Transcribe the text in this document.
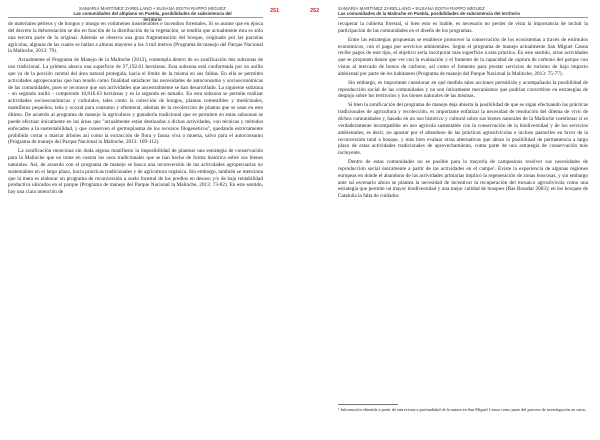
SAMARIA MARTÍNEZ ZARELLANO • SUSANA EDITH RAPPO MÍGUEZ
Las comunidades del altiplano en Puebla, posibilidades de subsistencia del territorio
251

de materiales pétreos y de hongos y musgo en volúmenes insostenibles e incendios forestales. Si se asume que en época del decreto la deforestación se dio en función de la distribución de la vegetación, se tendría que actualmente ésta es sólo una tercera parte de la original. Además se observa una gran fragmentación del bosque, originado por las parcelas agrícolas, algunas de las cuales se hallan a alturas mayores a los 3 mil metros (Programa de manejo del Parque Nacional la Malinche, 2013: 79).

Actualmente el Programa de Manejo de la Malinche (2013), contempla dentro de su zonificación dos subzonas de uso tradicional. La primera abarca una superficie de 27,192.61 hectáreas. Esta subzona está conformada por un anillo que va de la porción central del área natural protegida, hacia el límite de la misma en sus faldas. En ella se permiten actividades agropecuarias que han tenido como finalidad satisfacer las necesidades de autoconsumo y socioeconómicas de las comunidades, pues se reconoce que son actividades que ancestralmente se han desarrollado. La siguiente subzona - un segundo anillo - comprende 10,816.63 hectáreas y es la segunda en tamaño. En esta subzona se permite realizar actividades socioeconómicas y culturales, tales como la colección de hongos, plantas comestibles y medicinales, mamíferos pequeños, leña y ocoxal para consumo y eftemeral, además de la recolección de plantas que se usan en este último. De acuerdo al programa de manejo la agricultura y ganadería tradicional que se permiten en estas subzonas se puede efectuar únicamente en las áreas que "actualmente están destinadas a dichas actividades, con técnicas y métodos enfocados a la sustentabilidad, y que conserven el germoplasma de los recursos filogenéticos", quedando estrictamente prohibido cortar o marcar árboles así como la extracción de flora y fauna viva o muerta, salvo para el autoconsumo (Programa de manejo del Parque Nacional la Malinche, 2013: 109-112).

La zonificación menciona sin duda alguna manifiesto la imposibilidad de plantear una estrategia de conservación para la Malinche que no tome en cuenta los usos tradicionales que se han hecho de forma histórica sobre sus bienes naturales. Así, de acuerdo con el programa de manejo se busca una reconversión de las actividades agropecuarias no sustentables en el largo plazo, hacia prácticas tradicionales y de agricultura orgánica. Sin embargo, también se menciona que la meta es elaborar un programa de reconversión a suelo forestal de los predios en desuso y/o de baja rentabilidad productiva ubicados en el parque (Programa de manejo del Parque Nacional la Malinche, 2013: 73-82). En este sentido, hay una clara intención de

252	SAMARIA MARTÍNEZ ZARELLANO • SUSANA EDITH RAPPO MÍGUEZ
Las comunidades de la Malinche en Puebla, posibilidades de subsistencia del territorio

recuperar la cubierta forestal, si bien esto es loable, es necesario no perder de vista la importancia de incluir la participación de las comunidades en el diseño de los programas.

Entre las estrategias propuestas se establece promover la conservación de los ecosistemas a través de estímulos económicos, con el pago por servicios ambientales. Según el programa de manejo actualmente San Miguel Canoa recibe pagos de este tipo, el objetivo sería incorporar más superficie a esta práctica. En este sentido, otras actividades que se proponen tienen que ver con la evaluación y el fomento de la capacidad de captura de carbono del parque con vistas al mercado de bonos de carbono, así como el fomento para prestar servicios de turismo de bajo impacto ambiental por parte de los habitantes (Programa de manejo del Parque Nacional la Malinche, 2013: 75-77).

Sin embargo, es importante cuestionar en qué medida tales acciones permitirán y acompañarán la posibilidad de reproducción social de las comunidades y no son únicamente mecanismos que podrían convertirse en estrategias de despojo sobre los territorios y los bienes naturales de las mismas.

Si bien la zonificación del programa de manejo deja abierta la posibilidad de que se sigan efectuando las prácticas tradicionales de agricultura y recolección, es importante enfatizar la necesidad de resolución del dilema de vivir de dichos comunidades y, basado en un uso histórico y cultural sobre sus bienes naturales de la Malinche cuestionar si es verdaderamente incompatible un uso agrícola sustentable con la conservación de la biodiversidad y de los servicios ambientales; es decir, no apostar por el abandono de las prácticas agrosilvícolas e incluso pastoriles en favor de la reconversión total a bosque, y más bien evaluar otras alternativas que abran la posibilidad de permanencia a largo plazo de estas actividades tradicionales de aprovechamiento, como parte de una estrategia de conservación más incluyente.

Dentro de estas comunidades no es posible para la mayoría de campesinos resolver sus necesidades de reproducción social únicamente a partir de las actividades en el campo¹. Existe la experiencia de algunas regiones europeas en donde el abandono de las actividades primarias implicó la regeneración de zonas boscosas, y sin embargo ante tal escenario ahora se plantea la necesidad de incentivar la recuperación del mosaico agrosilvícola como una estrategia que permite un mayor biodiversidad y una mejor calidad de bosques (Ras Bosadar 2003); en los bosques de Cataluña la falta de cuidados

¹ Información obtenida a partir de entrevistas a profundidad de la autora en San Miguel Canoa como parte del proceso de investigación en curso.
